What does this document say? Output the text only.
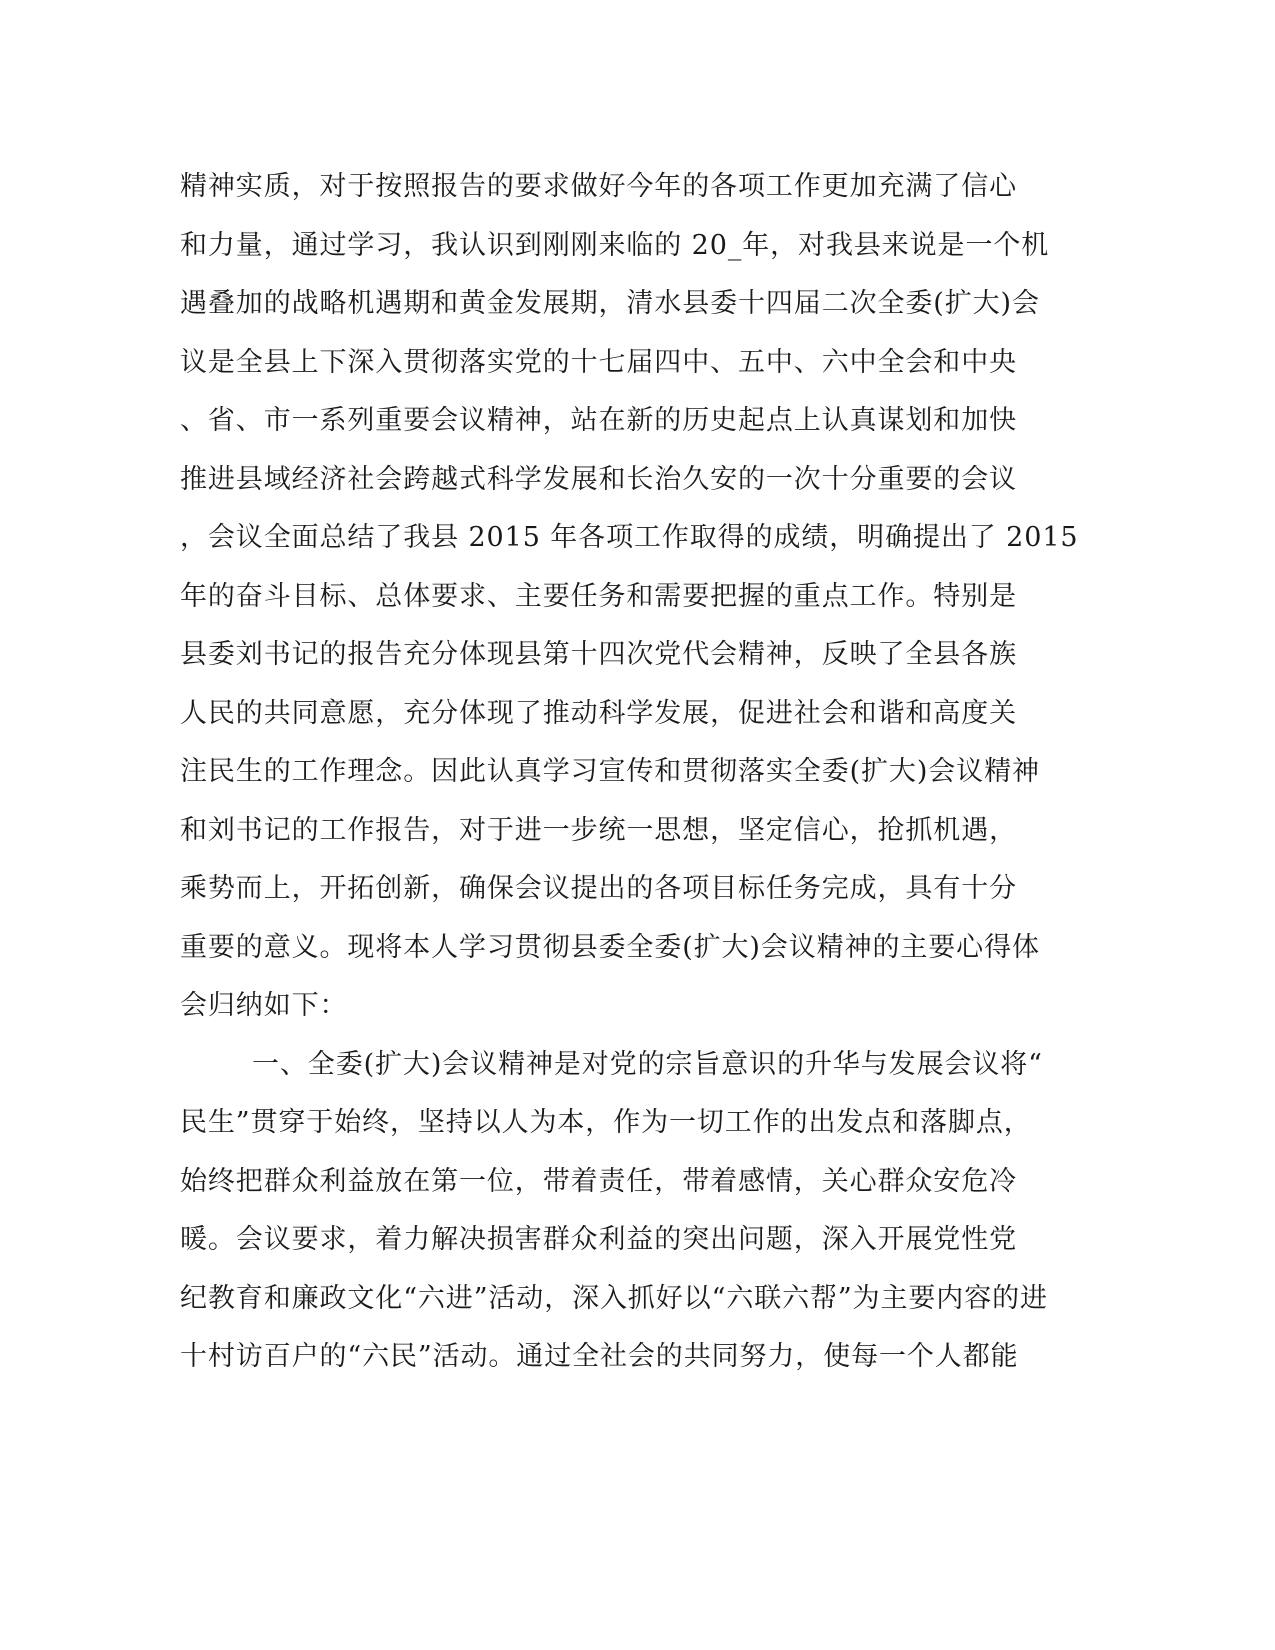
精神实质，对于按照报告的要求做好今年的各项工作更加充满了信心
和力量，通过学习，我认识到刚刚来临的 20_年，对我县来说是一个机
遇叠加的战略机遇期和黄金发展期，清水县委十四届二次全委(扩大)会
议是全县上下深入贯彻落实党的十七届四中、五中、六中全会和中央
、省、市一系列重要会议精神，站在新的历史起点上认真谋划和加快
推进县域经济社会跨越式科学发展和长治久安的一次十分重要的会议
，会议全面总结了我县 2015 年各项工作取得的成绩，明确提出了 2015
年的奋斗目标、总体要求、主要任务和需要把握的重点工作。特别是
县委刘书记的报告充分体现县第十四次党代会精神，反映了全县各族
人民的共同意愿，充分体现了推动科学发展，促进社会和谐和高度关
注民生的工作理念。因此认真学习宣传和贯彻落实全委(扩大)会议精神
和刘书记的工作报告，对于进一步统一思想，坚定信心，抢抓机遇，
乘势而上，开拓创新，确保会议提出的各项目标任务完成，具有十分
重要的意义。现将本人学习贯彻县委全委(扩大)会议精神的主要心得体
会归纳如下：
一、全委(扩大)会议精神是对党的宗旨意识的升华与发展会议将“
民生”贯穿于始终，坚持以人为本，作为一切工作的出发点和落脚点，
始终把群众利益放在第一位，带着责任，带着感情，关心群众安危冷
暖。会议要求，着力解决损害群众利益的突出问题，深入开展党性党
纪教育和廉政文化“六进”活动，深入抓好以“六联六帮”为主要内容的进
十村访百户的“六民”活动。通过全社会的共同努力，使每一个人都能
